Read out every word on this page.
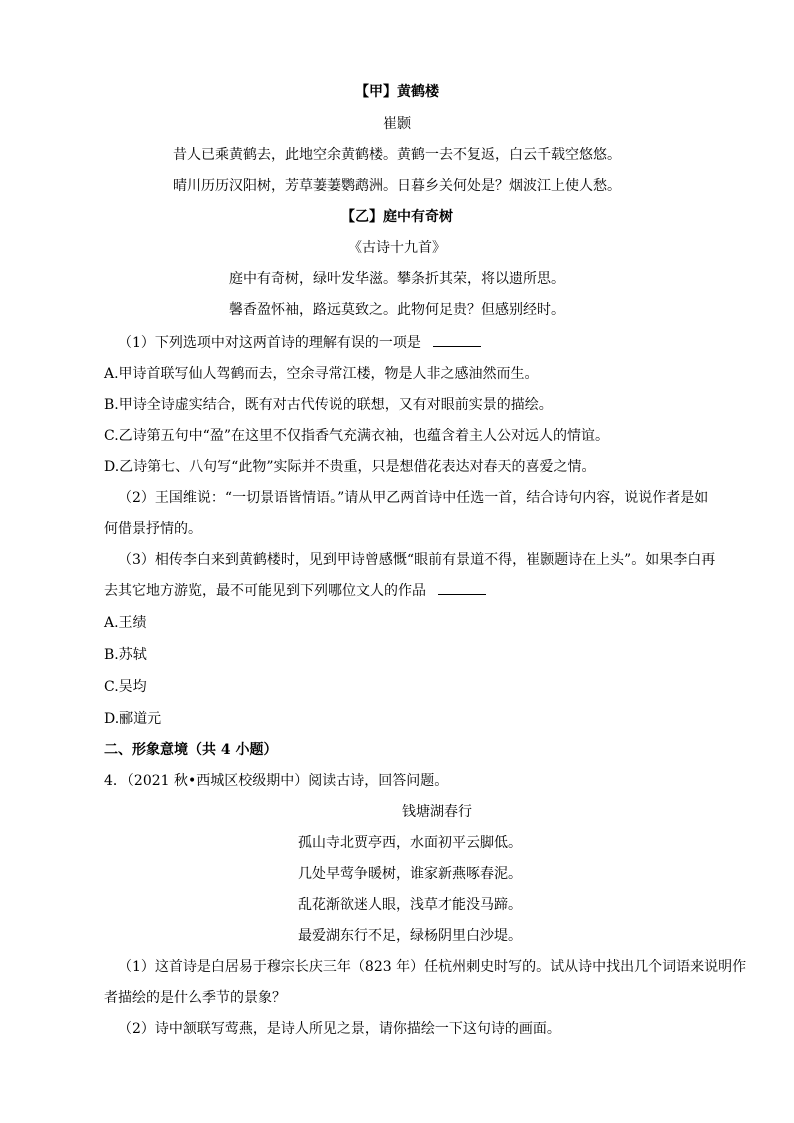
【甲】黄鹤楼
崔颢
昔人已乘黄鹤去，此地空余黄鹤楼。黄鹤一去不复返，白云千载空悠悠。
晴川历历汉阳树，芳草萋萋鹦鹉洲。日暮乡关何处是？烟波江上使人愁。
【乙】庭中有奇树
《古诗十九首》
庭中有奇树，绿叶发华滋。攀条折其荣，将以遗所思。
馨香盈怀袖，路远莫致之。此物何足贵？但感别经时。
（1）下列选项中对这两首诗的理解有误的一项是
A.甲诗首联写仙人驾鹤而去，空余寻常江楼，物是人非之感油然而生。
B.甲诗全诗虚实结合，既有对古代传说的联想，又有对眼前实景的描绘。
C.乙诗第五句中“盈”在这里不仅指香气充满衣袖，也蕴含着主人公对远人的情谊。
D.乙诗第七、八句写“此物”实际并不贵重，只是想借花表达对春天的喜爱之情。
（2）王国维说：“一切景语皆情语。”请从甲乙两首诗中任选一首，结合诗句内容，说说作者是如
何借景抒情的。
（3）相传李白来到黄鹤楼时，见到甲诗曾感慨“眼前有景道不得，崔颢题诗在上头”。如果李白再
去其它地方游览，最不可能见到下列哪位文人的作品
A.王绩
B.苏轼
C.吴均
D.郦道元
二、形象意境（共 4 小题）
4．（2021 秋•西城区校级期中）阅读古诗，回答问题。
钱塘湖春行
孤山寺北贾亭西，水面初平云脚低。
几处早莺争暖树，谁家新燕啄春泥。
乱花渐欲迷人眼，浅草才能没马蹄。
最爱湖东行不足，绿杨阴里白沙堤。
（1）这首诗是白居易于穆宗长庆三年（823 年）任杭州刺史时写的。试从诗中找出几个词语来说明作
者描绘的是什么季节的景象？
（2）诗中颔联写莺燕，是诗人所见之景，请你描绘一下这句诗的画面。
